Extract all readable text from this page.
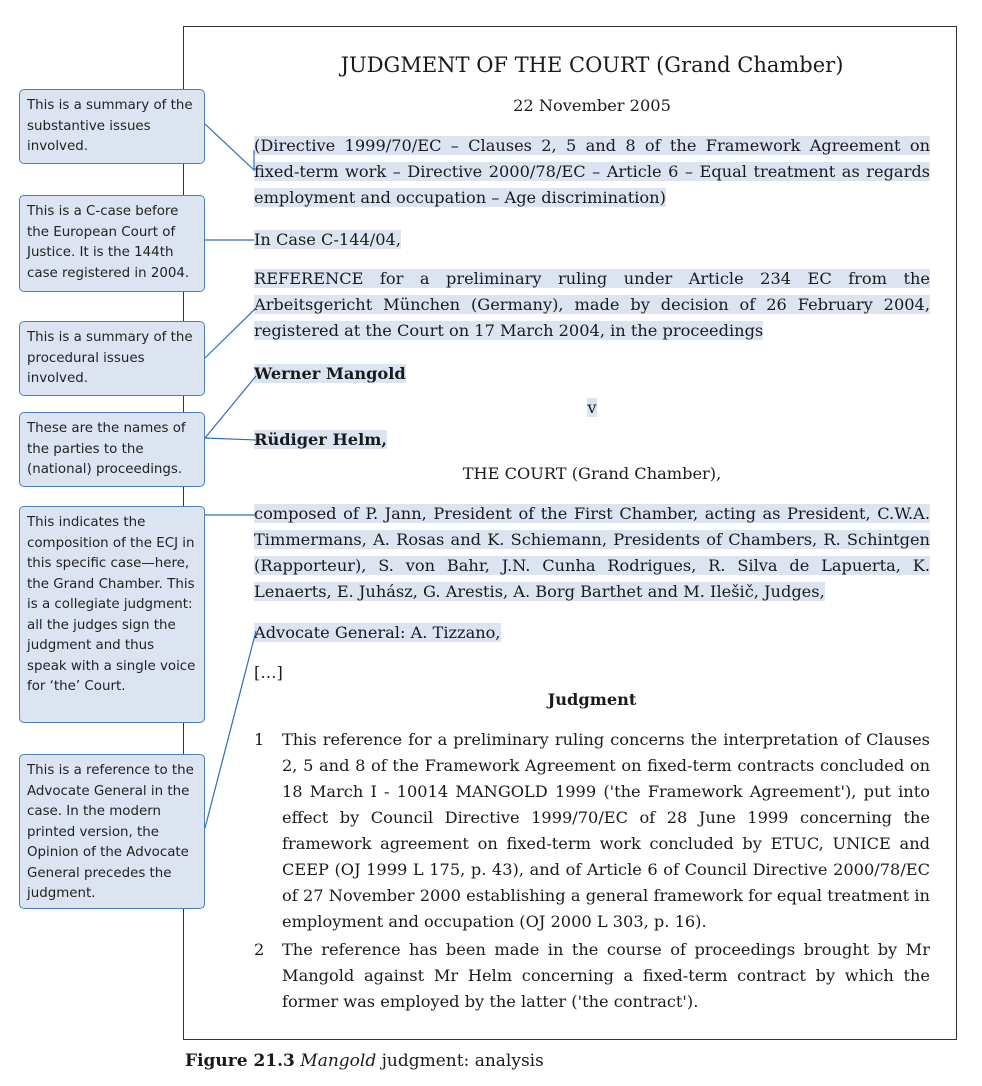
JUDGMENT OF THE COURT (Grand Chamber)
22 November 2005
(Directive 1999/70/EC – Clauses 2, 5 and 8 of the Framework Agreement on fixed-term work – Directive 2000/78/EC – Article 6 – Equal treatment as regards employment and occupation – Age discrimination)
In Case C-144/04,
REFERENCE for a preliminary ruling under Article 234 EC from the Arbeitsgericht München (Germany), made by decision of 26 February 2004, registered at the Court on 17 March 2004, in the proceedings
Werner Mangold
v
Rüdiger Helm,
THE COURT (Grand Chamber),
composed of P. Jann, President of the First Chamber, acting as President, C.W.A. Timmermans, A. Rosas and K. Schiemann, Presidents of Chambers, R. Schintgen (Rapporteur), S. von Bahr, J.N. Cunha Rodrigues, R. Silva de Lapuerta, K. Lenaerts, E. Juhász, G. Arestis, A. Borg Barthet and M. Ilešič, Judges,
Advocate General: A. Tizzano,
[…]
Judgment
1	This reference for a preliminary ruling concerns the interpretation of Clauses 2, 5 and 8 of the Framework Agreement on fixed-term contracts concluded on 18 March I - 10014 MANGOLD 1999 ('the Framework Agreement'), put into effect by Council Directive 1999/70/EC of 28 June 1999 concerning the framework agreement on fixed-term work concluded by ETUC, UNICE and CEEP (OJ 1999 L 175, p. 43), and of Article 6 of Council Directive 2000/78/EC of 27 November 2000 establishing a general framework for equal treatment in employment and occupation (OJ 2000 L 303, p. 16).
2	The reference has been made in the course of proceedings brought by Mr Mangold against Mr Helm concerning a fixed-term contract by which the former was employed by the latter ('the contract').
This is a summary of the substantive issues involved.
This is a C-case before the European Court of Justice. It is the 144th case registered in 2004.
This is a summary of the procedural issues involved.
These are the names of the parties to the (national) proceedings.
This indicates the composition of the ECJ in this specific case—here, the Grand Chamber. This is a collegiate judgment: all the judges sign the judgment and thus speak with a single voice for ‘the’ Court.
This is a reference to the Advocate General in the case. In the modern printed version, the Opinion of the Advocate General precedes the judgment.
Figure 21.3 Mangold judgment: analysis
